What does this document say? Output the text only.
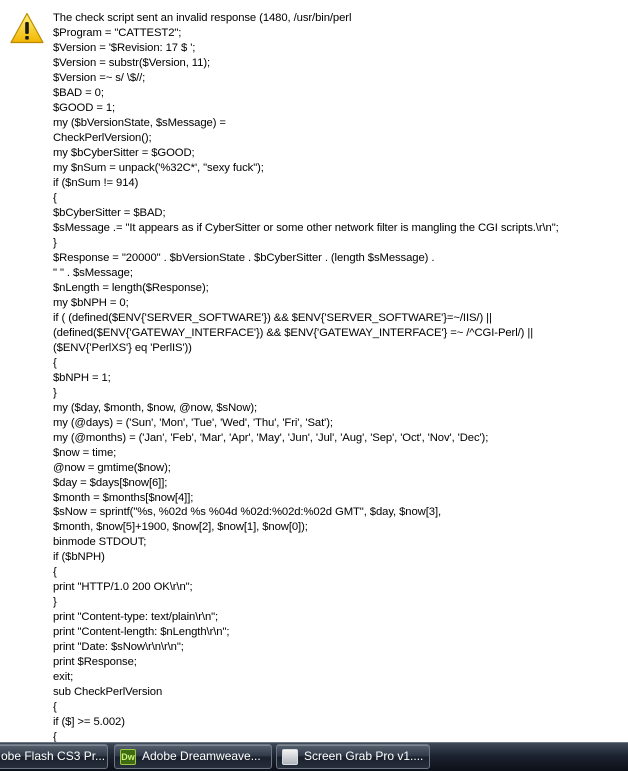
The check script sent an invalid response (1480, /usr/bin/perl
$Program = "CATTEST2";
$Version = '$Revision: 17 $ ';
$Version = substr($Version, 11);
$Version =~ s/ \$//;
$BAD = 0;
$GOOD = 1;
my ($bVersionState, $sMessage) =
CheckPerlVersion();
my $bCyberSitter = $GOOD;
my $nSum = unpack('%32C*', "sexy fuck");
if ($nSum != 914)
{
$bCyberSitter = $BAD;
$sMessage .= "It appears as if CyberSitter or some other network filter is mangling the CGI scripts.\r\n";
}
$Response = "20000" . $bVersionState . $bCyberSitter . (length $sMessage) .
" " . $sMessage;
$nLength = length($Response);
my $bNPH = 0;
if ( (defined($ENV{'SERVER_SOFTWARE'}) && $ENV{'SERVER_SOFTWARE'}=~/IIS/) ||
(defined($ENV{'GATEWAY_INTERFACE'}) && $ENV{'GATEWAY_INTERFACE'} =~ /^CGI-Perl/) ||
($ENV{'PerlXS'} eq 'PerlIS'))
{
$bNPH = 1;
}
my ($day, $month, $now, @now, $sNow);
my (@days) = ('Sun', 'Mon', 'Tue', 'Wed', 'Thu', 'Fri', 'Sat');
my (@months) = ('Jan', 'Feb', 'Mar', 'Apr', 'May', 'Jun', 'Jul', 'Aug', 'Sep', 'Oct', 'Nov', 'Dec');
$now = time;
@now = gmtime($now);
$day = $days[$now[6]];
$month = $months[$now[4]];
$sNow = sprintf("%s, %02d %s %04d %02d:%02d:%02d GMT", $day, $now[3],
$month, $now[5]+1900, $now[2], $now[1], $now[0]);
binmode STDOUT;
if ($bNPH)
{
print "HTTP/1.0 200 OK\r\n";
}
print "Content-type: text/plain\r\n";
print "Content-length: $nLength\r\n";
print "Date: $sNow\r\n\r\n";
print $Response;
exit;
sub CheckPerlVersion
{
if ($] >= 5.002)
{
obe Flash CS3 Pr... Dw Adobe Dreamweave...	Screen Grab Pro v1....
